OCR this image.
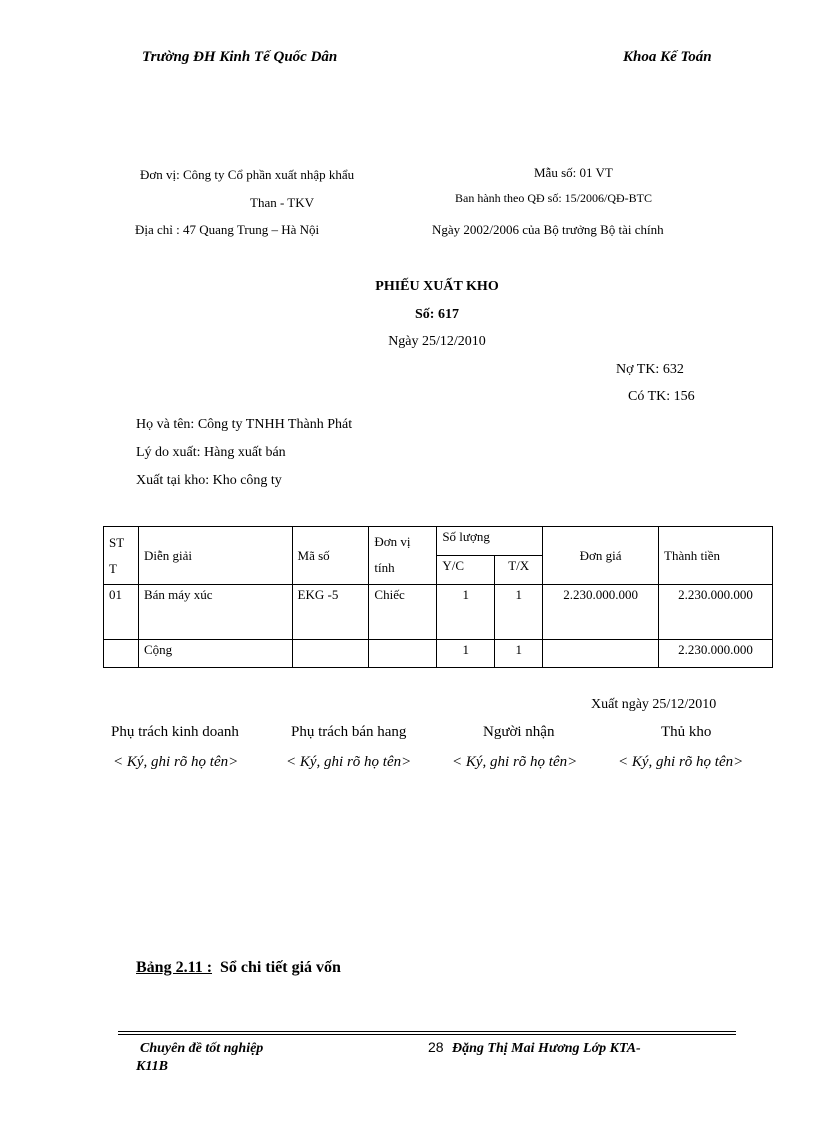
Trường ĐH Kinh Tế Quốc Dân	Khoa Kế Toán
Đơn vị: Công ty Cổ phần xuất nhập khẩu
Than - TKV
Địa chỉ : 47 Quang Trung – Hà Nội
Mẫu số: 01 VT
Ban hành theo QĐ số: 15/2006/QĐ-BTC
Ngày 2002/2006 của Bộ trưởng Bộ tài chính
PHIẾU XUẤT KHO
Số: 617
Ngày 25/12/2010
Nợ TK: 632
Có TK: 156
Họ và tên: Công ty TNHH Thành Phát
Lý do xuất: Hàng xuất bán
Xuất tại kho: Kho công ty
ST T	Diễn giải	Mã số	Đơn vị tính	Số lượng		Đơn giá	Thành tiền
				Y/C	T/X		
01	Bán máy xúc	EKG -5	Chiếc	1	1	2.230.000.000	2.230.000.000
	Cộng			1	1		2.230.000.000
Xuất ngày 25/12/2010
Phụ trách kinh doanh	Phụ trách bán hang	Người nhận	Thủ kho
< Ký, ghi rõ họ tên>	< Ký, ghi rõ họ tên>	< Ký, ghi rõ họ tên>	< Ký, ghi rõ họ tên>
Bảng 2.11 : Sổ chi tiết giá vốn
Chuyên đề tốt nghiệp	28 Đặng Thị Mai Hương Lớp KTA-
K11B
